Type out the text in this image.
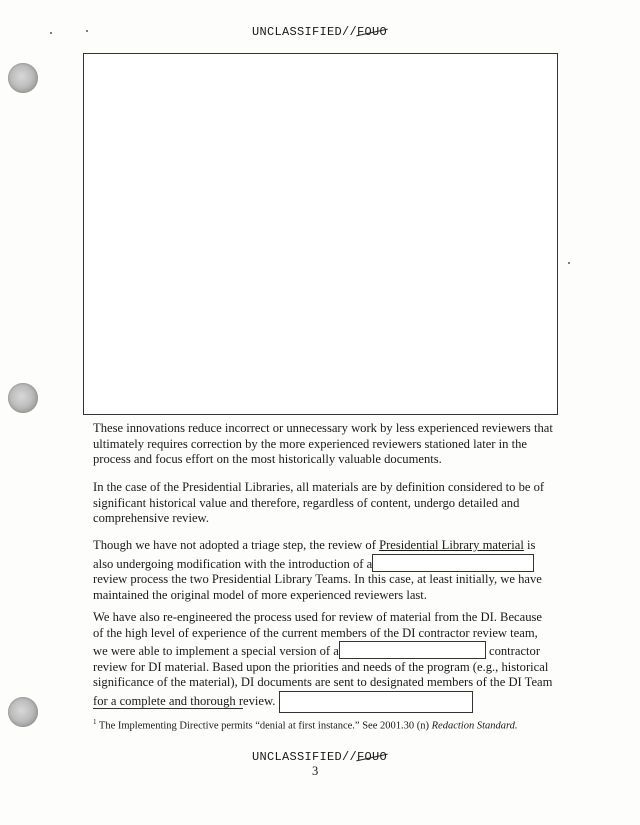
UNCLASSIFIED//FOUO

These innovations reduce incorrect or unnecessary work by less experienced reviewers that ultimately requires correction by the more experienced reviewers stationed later in the process and focus effort on the most historically valuable documents.

In the case of the Presidential Libraries, all materials are by definition considered to be of significant historical value and therefore, regardless of content, undergo detailed and comprehensive review.

Though we have not adopted a triage step, the review of Presidential Library material is also undergoing modification with the introduction of a review process the two Presidential Library Teams. In this case, at least initially, we have maintained the original model of more experienced reviewers last.

We have also re-engineered the process used for review of material from the DI. Because of the high level of experience of the current members of the DI contractor review team, we were able to implement a special version of a	contractor review for DI material. Based upon the priorities and needs of the program (e.g., historical significance of the material), DI documents are sent to designated members of the DI Team for a complete and thorough review.

$^1$ The Implementing Directive permits “denial at first instance.” See 2001.30 (n) Redaction Standard.
UNCLASSIFIED//FOUO
3
